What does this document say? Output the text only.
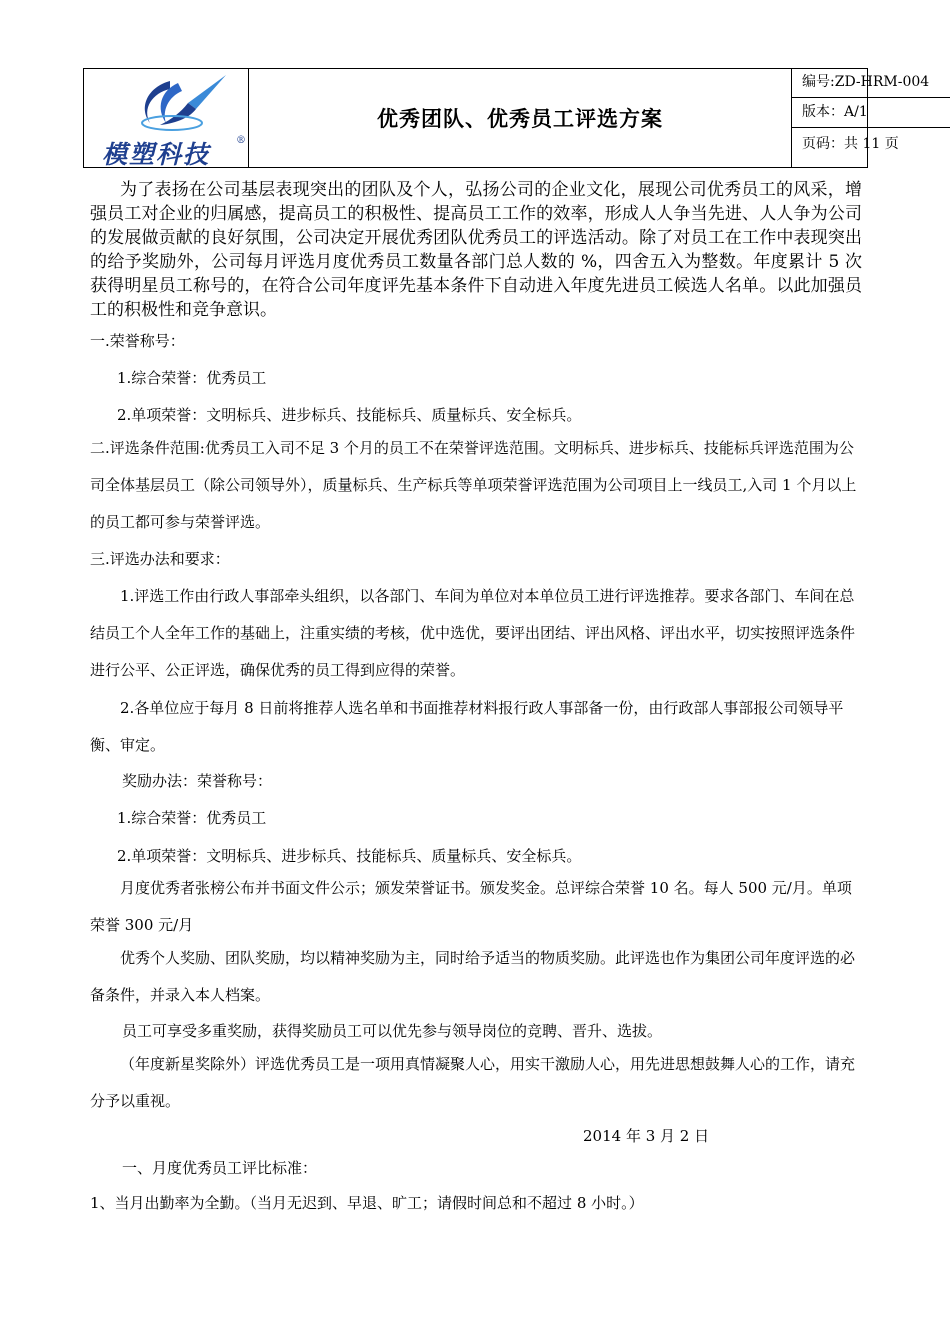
模塑科技	®
优秀团队、优秀员工评选方案
编号:ZD-HRM-004
版本：A/1
页码：共 11 页
为了表扬在公司基层表现突出的团队及个人，弘扬公司的企业文化，展现公司优秀员工的风采，增强员工对企业的归属感，提高员工的积极性、提高员工工作的效率，形成人人争当先进、人人争为公司的发展做贡献的良好氛围，公司决定开展优秀团队优秀员工的评选活动。除了对员工在工作中表现突出的给予奖励外，公司每月评选月度优秀员工数量各部门总人数的 %，四舍五入为整数。年度累计 5 次获得明星员工称号的，在符合公司年度评先基本条件下自动进入年度先进员工候选人名单。以此加强员工的积极性和竞争意识。
一.荣誉称号：
1.综合荣誉：优秀员工
2.单项荣誉：文明标兵、进步标兵、技能标兵、质量标兵、安全标兵。
二.评选条件范围:优秀员工入司不足 3 个月的员工不在荣誉评选范围。文明标兵、进步标兵、技能标兵评选范围为公司全体基层员工（除公司领导外），质量标兵、生产标兵等单项荣誉评选范围为公司项目上一线员工,入司 1 个月以上的员工都可参与荣誉评选。
三.评选办法和要求：
1.评选工作由行政人事部牵头组织，以各部门、车间为单位对本单位员工进行评选推荐。要求各部门、车间在总结员工个人全年工作的基础上，注重实绩的考核，优中选优，要评出团结、评出风格、评出水平，切实按照评选条件进行公平、公正评选，确保优秀的员工得到应得的荣誉。
2.各单位应于每月 8 日前将推荐人选名单和书面推荐材料报行政人事部备一份，由行政部人事部报公司领导平衡、审定。
奖励办法：荣誉称号：
1.综合荣誉：优秀员工
2.单项荣誉：文明标兵、进步标兵、技能标兵、质量标兵、安全标兵。
月度优秀者张榜公布并书面文件公示；颁发荣誉证书。颁发奖金。总评综合荣誉 10 名。每人 500 元/月。单项荣誉 300 元/月
优秀个人奖励、团队奖励，均以精神奖励为主，同时给予适当的物质奖励。此评选也作为集团公司年度评选的必备条件，并录入本人档案。
员工可享受多重奖励，获得奖励员工可以优先参与领导岗位的竞聘、晋升、选拔。
（年度新星奖除外）评选优秀员工是一项用真情凝聚人心，用实干激励人心，用先进思想鼓舞人心的工作，请充分予以重视。
2014 年 3 月 2 日
一、月度优秀员工评比标准：
1、当月出勤率为全勤。（当月无迟到、早退、旷工；请假时间总和不超过 8 小时。）
